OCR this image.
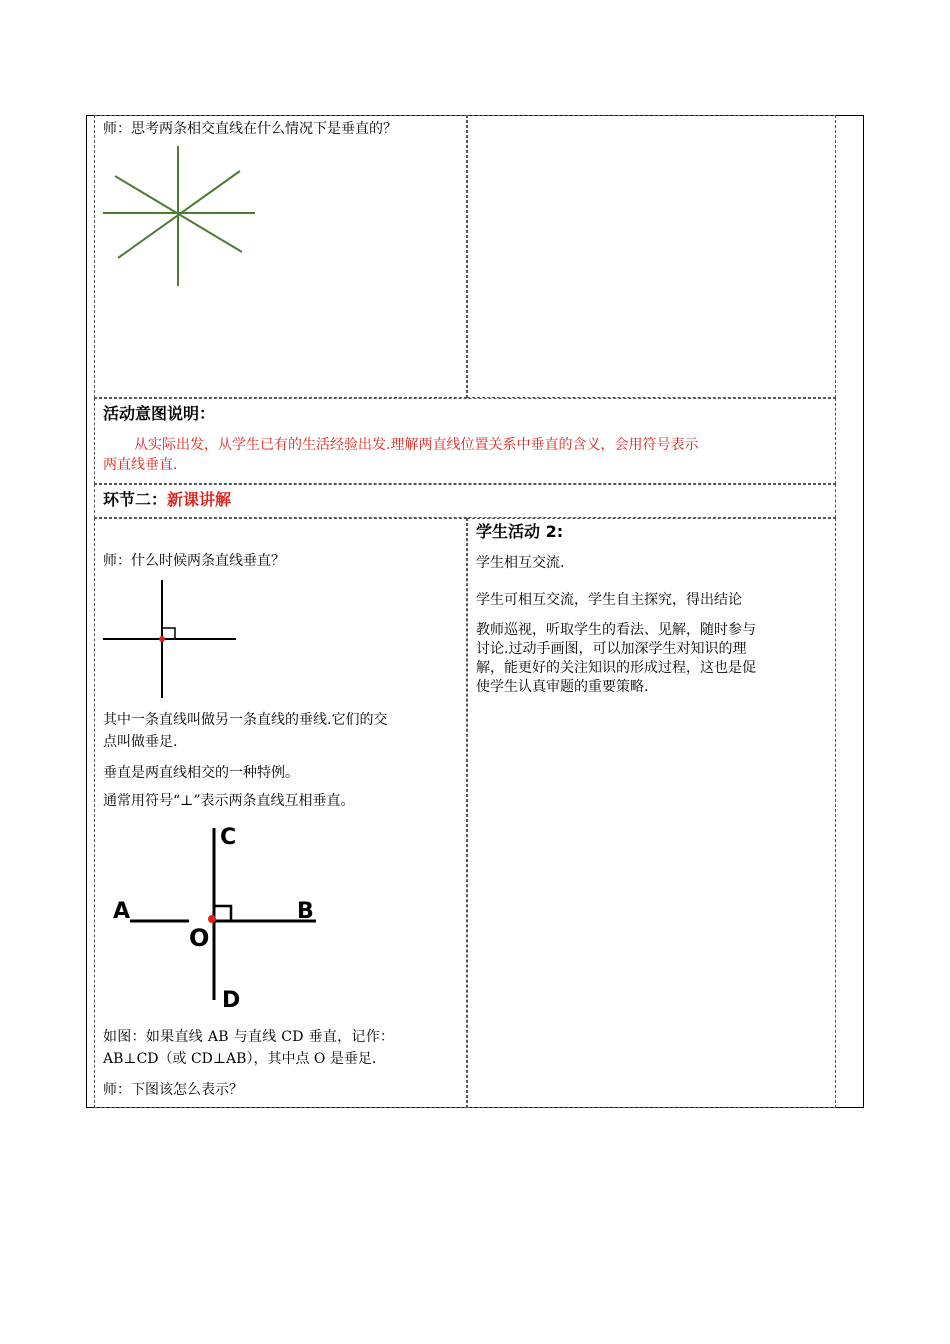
师：思考两条相交直线在什么情况下是垂直的？
活动意图说明：
从实际出发，从学生已有的生活经验出发.理解两直线位置关系中垂直的含义，会用符号表示
两直线垂直.
环节二：新课讲解
师：什么时候两条直线垂直？
其中一条直线叫做另一条直线的垂线.它们的交
点叫做垂足.
垂直是两直线相交的一种特例。
通常用符号“⊥”表示两条直线互相垂直。
C
A	B
O
D
如图：如果直线 AB 与直线 CD 垂直，记作：
AB⊥CD（或 CD⊥AB），其中点 O 是垂足.
师：下图该怎么表示？
学生活动 2:
学生相互交流.
学生可相互交流，学生自主探究，得出结论
教师巡视，听取学生的看法、见解，随时参与
讨论.过动手画图，可以加深学生对知识的理
解，能更好的关注知识的形成过程，这也是促
使学生认真审题的重要策略.
